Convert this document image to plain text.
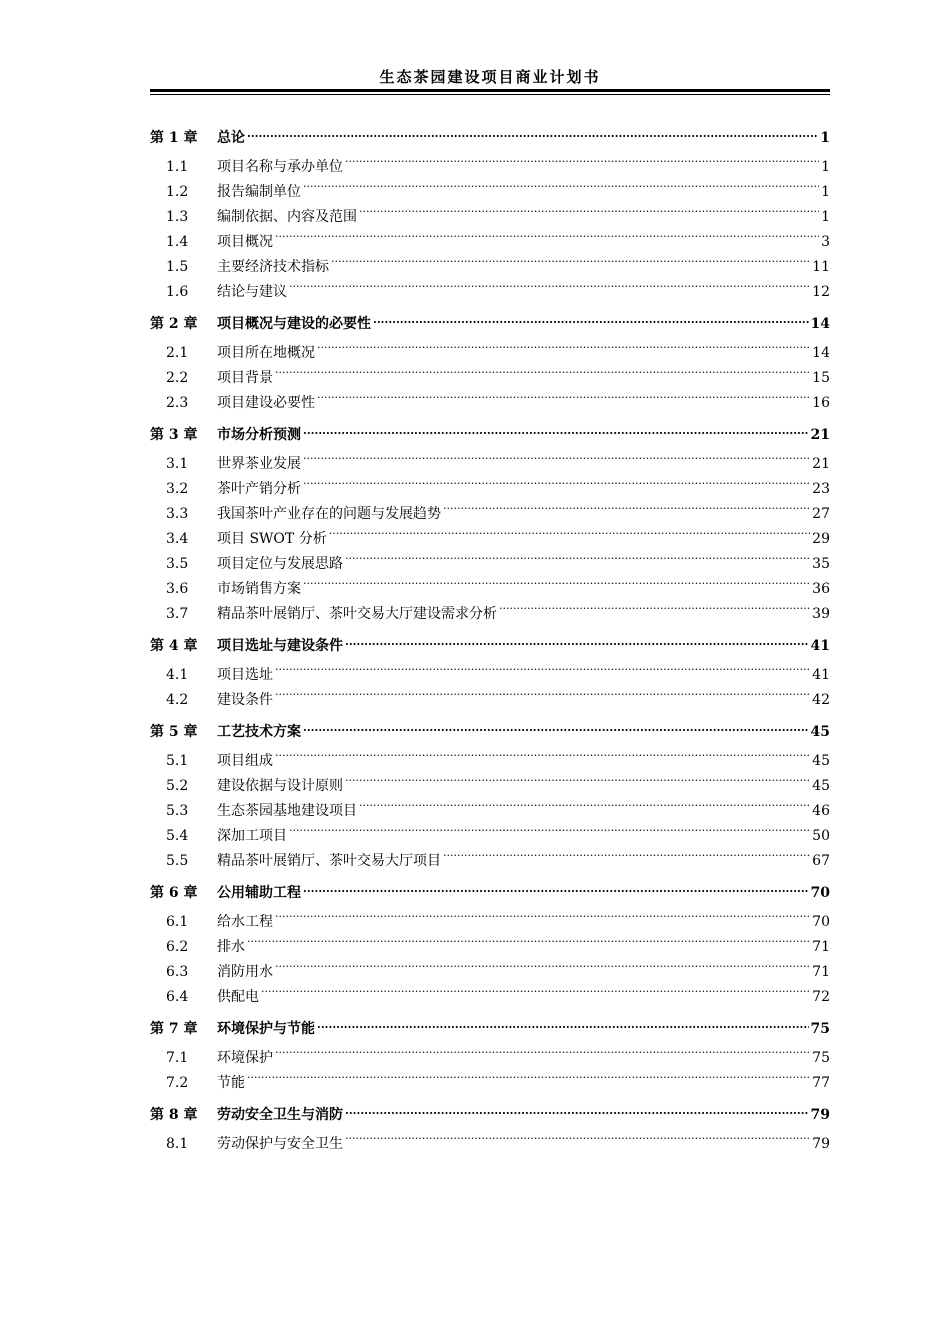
生态茶园建设项目商业计划书
第 1 章	总论 .....	1
1.1	项目名称与承办单位 .....	1
1.2	报告编制单位 .....	1
1.3	编制依据、内容及范围 .....	1
1.4	项目概况 .....	3
1.5	主要经济技术指标 .....	11
1.6	结论与建议 .....	12
第 2 章	项目概况与建设的必要性 .....	14
2.1	项目所在地概况 .....	14
2.2	项目背景 .....	15
2.3	项目建设必要性 .....	16
第 3 章	市场分析预测 .....	21
3.1	世界茶业发展 .....	21
3.2	茶叶产销分析 .....	23
3.3	我国茶叶产业存在的问题与发展趋势 .....	27
3.4	项目 SWOT 分析 .....	29
3.5	项目定位与发展思路 .....	35
3.6	市场销售方案 .....	36
3.7	精品茶叶展销厅、茶叶交易大厅建设需求分析 .....	39
第 4 章	项目选址与建设条件 .....	41
4.1	项目选址 .....	41
4.2	建设条件 .....	42
第 5 章	工艺技术方案 .....	45
5.1	项目组成 .....	45
5.2	建设依据与设计原则 .....	45
5.3	生态茶园基地建设项目 .....	46
5.4	深加工项目 .....	50
5.5	精品茶叶展销厅、茶叶交易大厅项目 .....	67
第 6 章	公用辅助工程 .....	70
6.1	给水工程 .....	70
6.2	排水 .....	71
6.3	消防用水 .....	71
6.4	供配电 .....	72
第 7 章	环境保护与节能 .....	75
7.1	环境保护 .....	75
7.2	节能 .....	77
第 8 章	劳动安全卫生与消防 .....	79
8.1	劳动保护与安全卫生 .....	79
